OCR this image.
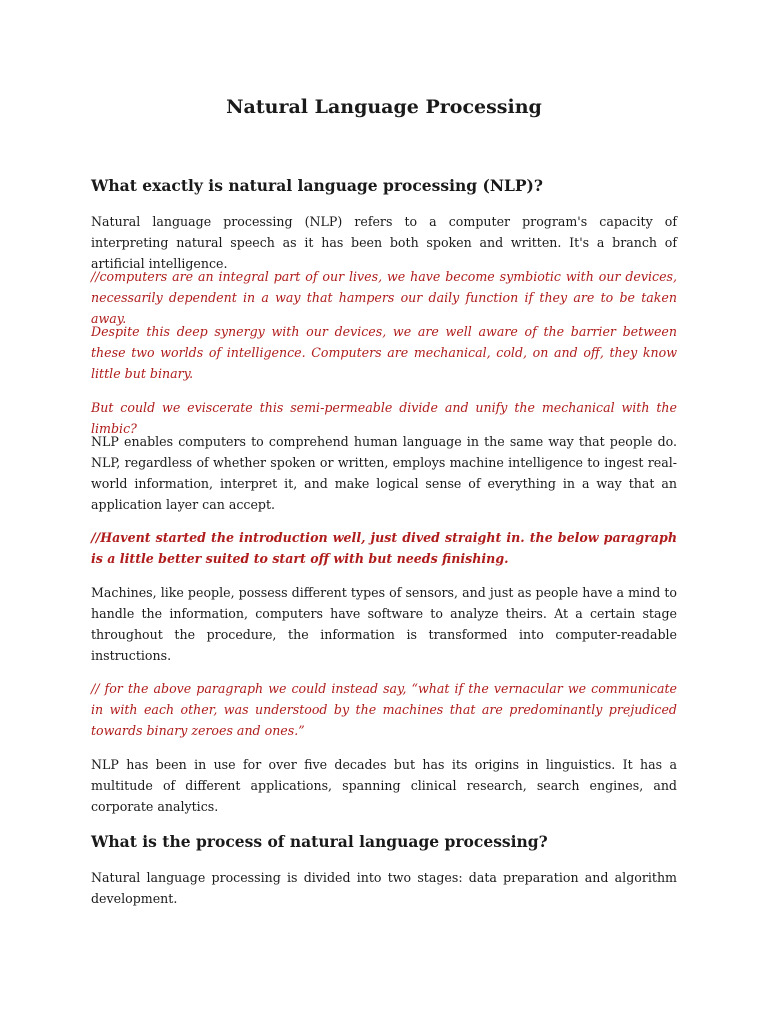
Natural Language Processing
What exactly is natural language processing (NLP)?

Natural language processing (NLP) refers to a computer program's capacity of interpreting natural speech as it has been both spoken and written. It's a branch of artificial intelligence.

//computers are an integral part of our lives, we have become symbiotic with our devices, necessarily dependent in a way that hampers our daily function if they are to be taken away.

Despite this deep synergy with our devices, we are well aware of the barrier between these two worlds of intelligence. Computers are mechanical, cold, on and off, they know little but binary.

But could we eviscerate this semi-permeable divide and unify the mechanical with the limbic?

NLP enables computers to comprehend human language in the same way that people do. NLP, regardless of whether spoken or written, employs machine intelligence to ingest real-world information, interpret it, and make logical sense of everything in a way that an application layer can accept.

//Havent started the introduction well, just dived straight in. the below paragraph is a little better suited to start off with but needs finishing.

Machines, like people, possess different types of sensors, and just as people have a mind to handle the information, computers have software to analyze theirs. At a certain stage throughout the procedure, the information is transformed into computer-readable instructions.

// for the above paragraph we could instead say, “what if the vernacular we communicate in with each other, was understood by the machines that are predominantly prejudiced towards binary zeroes and ones.”

NLP has been in use for over five decades but has its origins in linguistics. It has a multitude of different applications, spanning clinical research, search engines, and corporate analytics.

What is the process of natural language processing?

Natural language processing is divided into two stages: data preparation and algorithm development.
